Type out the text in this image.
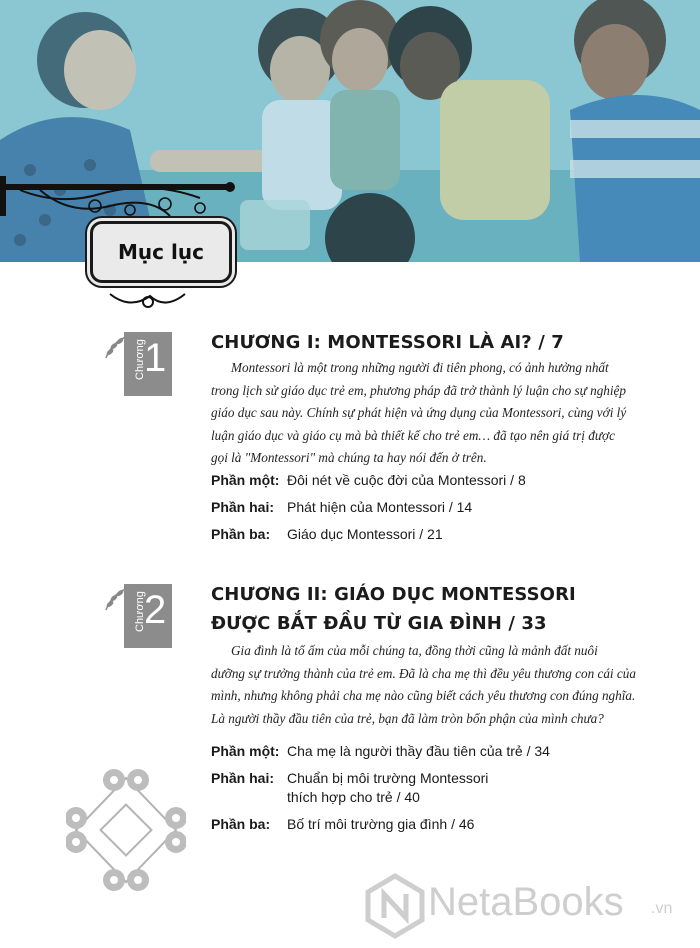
Mục lục
Chương
1 CHƯƠNG I: MONTESSORI LÀ AI? / 7
Montessori là một trong những người đi tiên phong, có ảnh hưởng nhất
trong lịch sử giáo dục trẻ em, phương pháp đã trở thành lý luận cho sự nghiệp
giáo dục sau này. Chính sự phát hiện và ứng dụng của Montessori, cùng với lý
luận giáo dục và giáo cụ mà bà thiết kế cho trẻ em… đã tạo nên giá trị được
gọi là "Montessori" mà chúng ta hay nói đến ở trên.
Phần một: Đôi nét về cuộc đời của Montessori / 8
Phần hai: Phát hiện của Montessori / 14
Phần ba: Giáo dục Montessori / 21
Chương
2 CHƯƠNG II: GIÁO DỤC MONTESSORI
ĐƯỢC BẮT ĐẦU TỪ GIA ĐÌNH / 33
Gia đình là tổ ấm của mỗi chúng ta, đồng thời cũng là mảnh đất nuôi
dưỡng sự trưởng thành của trẻ em. Đã là cha mẹ thì đều yêu thương con cái của
mình, nhưng không phải cha mẹ nào cũng biết cách yêu thương con đúng nghĩa.
Là người thầy đầu tiên của trẻ, bạn đã làm tròn bổn phận của mình chưa?
Phần một: Cha mẹ là người thầy đầu tiên của trẻ / 34
Phần hai: Chuẩn bị môi trường Montessori
thích hợp cho trẻ / 40
Phần ba: Bố trí môi trường gia đình / 46
NetaBooks .vn
